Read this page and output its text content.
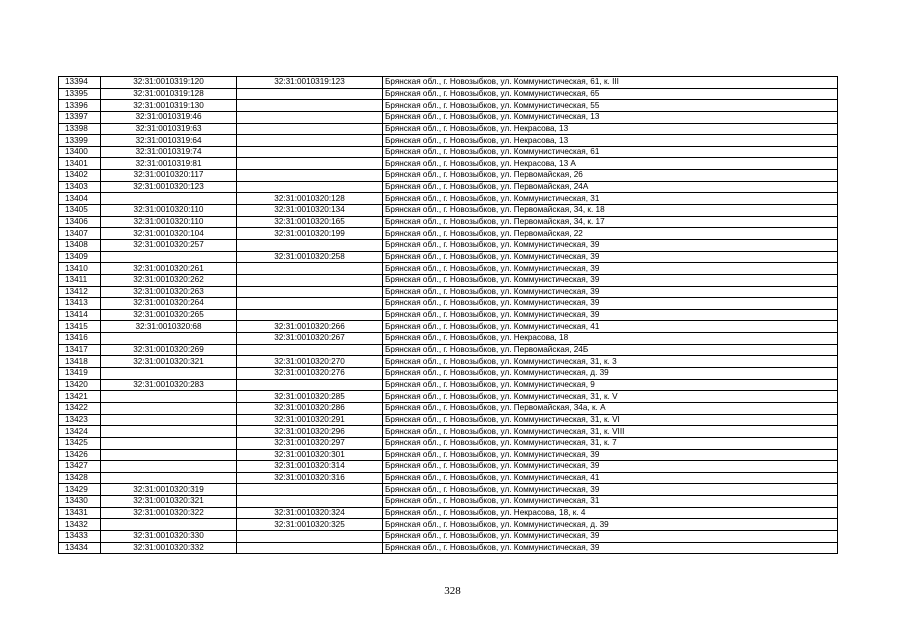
13394	32:31:0010319:120	32:31:0010319:123	Брянская обл., г. Новозыбков, ул. Коммунистическая, 61, к. III
13395	32:31:0010319:128		Брянская обл., г. Новозыбков, ул. Коммунистическая, 65
13396	32:31:0010319:130		Брянская обл., г. Новозыбков, ул. Коммунистическая, 55
13397	32:31:0010319:46		Брянская обл., г. Новозыбков, ул. Коммунистическая, 13
13398	32:31:0010319:63		Брянская обл., г. Новозыбков, ул. Некрасова, 13
13399	32:31:0010319:64		Брянская обл., г. Новозыбков, ул. Некрасова, 13
13400	32:31:0010319:74		Брянская обл., г. Новозыбков, ул. Коммунистическая, 61
13401	32:31:0010319:81		Брянская обл., г. Новозыбков, ул. Некрасова, 13 А
13402	32:31:0010320:117		Брянская обл., г. Новозыбков, ул. Первомайская, 26
13403	32:31:0010320:123		Брянская обл., г. Новозыбков, ул. Первомайская, 24А
13404		32:31:0010320:128	Брянская обл., г. Новозыбков, ул. Коммунистическая, 31
13405	32:31:0010320:110	32:31:0010320:134	Брянская обл., г. Новозыбков, ул. Первомайская, 34, к. 18
13406	32:31:0010320:110	32:31:0010320:165	Брянская обл., г. Новозыбков, ул. Первомайская, 34, к. 17
13407	32:31:0010320:104	32:31:0010320:199	Брянская обл., г. Новозыбков, ул. Первомайская, 22
13408	32:31:0010320:257		Брянская обл., г. Новозыбков, ул. Коммунистическая, 39
13409		32:31:0010320:258	Брянская обл., г. Новозыбков, ул. Коммунистическая, 39
13410	32:31:0010320:261		Брянская обл., г. Новозыбков, ул. Коммунистическая, 39
13411	32:31:0010320:262		Брянская обл., г. Новозыбков, ул. Коммунистическая, 39
13412	32:31:0010320:263		Брянская обл., г. Новозыбков, ул. Коммунистическая, 39
13413	32:31:0010320:264		Брянская обл., г. Новозыбков, ул. Коммунистическая, 39
13414	32:31:0010320:265		Брянская обл., г. Новозыбков, ул. Коммунистическая, 39
13415	32:31:0010320:68	32:31:0010320:266	Брянская обл., г. Новозыбков, ул. Коммунистическая, 41
13416		32:31:0010320:267	Брянская обл., г. Новозыбков, ул. Некрасова, 18
13417	32:31:0010320:269		Брянская обл., г. Новозыбков, ул. Первомайская, 24Б
13418	32:31:0010320:321	32:31:0010320:270	Брянская обл., г. Новозыбков, ул. Коммунистическая, 31, к. 3
13419		32:31:0010320:276	Брянская обл., г. Новозыбков, ул. Коммунистическая, д. 39
13420	32:31:0010320:283		Брянская обл., г. Новозыбков, ул. Коммунистическая, 9
13421		32:31:0010320:285	Брянская обл., г. Новозыбков, ул. Коммунистическая, 31, к. V
13422		32:31:0010320:286	Брянская обл., г. Новозыбков, ул. Первомайская, 34а, к. А
13423		32:31:0010320:291	Брянская обл., г. Новозыбков, ул. Коммунистическая, 31, к. VI
13424		32:31:0010320:296	Брянская обл., г. Новозыбков, ул. Коммунистическая, 31, к. VIII
13425		32:31:0010320:297	Брянская обл., г. Новозыбков, ул. Коммунистическая, 31, к. 7
13426		32:31:0010320:301	Брянская обл., г. Новозыбков, ул. Коммунистическая, 39
13427		32:31:0010320:314	Брянская обл., г. Новозыбков, ул. Коммунистическая, 39
13428		32:31:0010320:316	Брянская обл., г. Новозыбков, ул. Коммунистическая, 41
13429	32:31:0010320:319		Брянская обл., г. Новозыбков, ул. Коммунистическая, 39
13430	32:31:0010320:321		Брянская обл., г. Новозыбков, ул. Коммунистическая, 31
13431	32:31:0010320:322	32:31:0010320:324	Брянская обл., г. Новозыбков, ул. Некрасова, 18, к. 4
13432		32:31:0010320:325	Брянская обл., г. Новозыбков, ул. Коммунистическая, д. 39
13433	32:31:0010320:330		Брянская обл., г. Новозыбков, ул. Коммунистическая, 39
13434	32:31:0010320:332		Брянская обл., г. Новозыбков, ул. Коммунистическая, 39
328
